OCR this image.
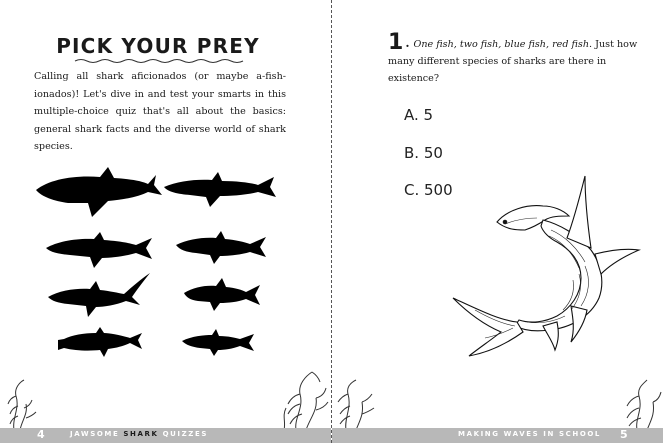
PICK YOUR PREY
Calling all shark aficionados (or maybe a-fish-ionados)! Let's dive in and test your smarts in this multiple-choice quiz that's all about the basics: general shark facts and the diverse world of shark species.
4	JAWSOME SHARK QUIZZES
1 . One fish, two fish, blue fish, red fish. Just how many different species of sharks are there in existence?
A. 5
B. 50
C. 500
MAKING WAVES IN SCHOOL 5
